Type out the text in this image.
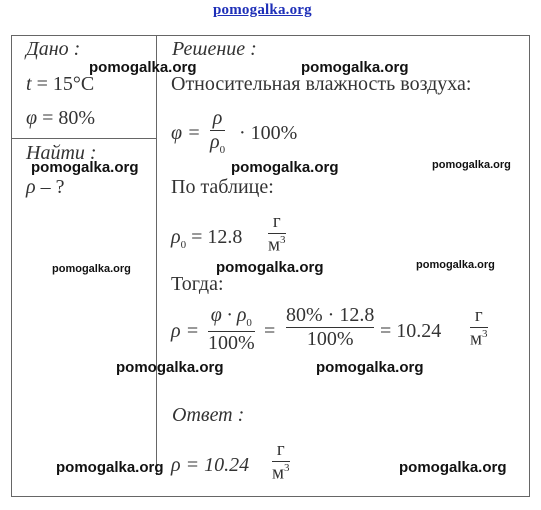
pomogalka.org
Дано :
t = 15°C
φ = 80%
Найти :
ρ – ?
Решение :
Относительная влажность воздуха:
φ =
ρ
$\rho_0$
· 100%
По таблице:
$\rho_0 = 12.8$
г
$м^3$
Тогда:
ρ =
$\varphi \cdot \rho_0$
100%
=
80% · 12.8
100% = 10.24
г
$м^3$
Ответ :
ρ = 10.24
г
$м^3$
pomogalka.org	pomogalka.org
pomogalka.org	pomogalka.org	pomogalka.org
pomogalka.org	pomogalka.org	pomogalka.org
pomogalka.org	pomogalka.org
pomogalka.org	pomogalka.org
